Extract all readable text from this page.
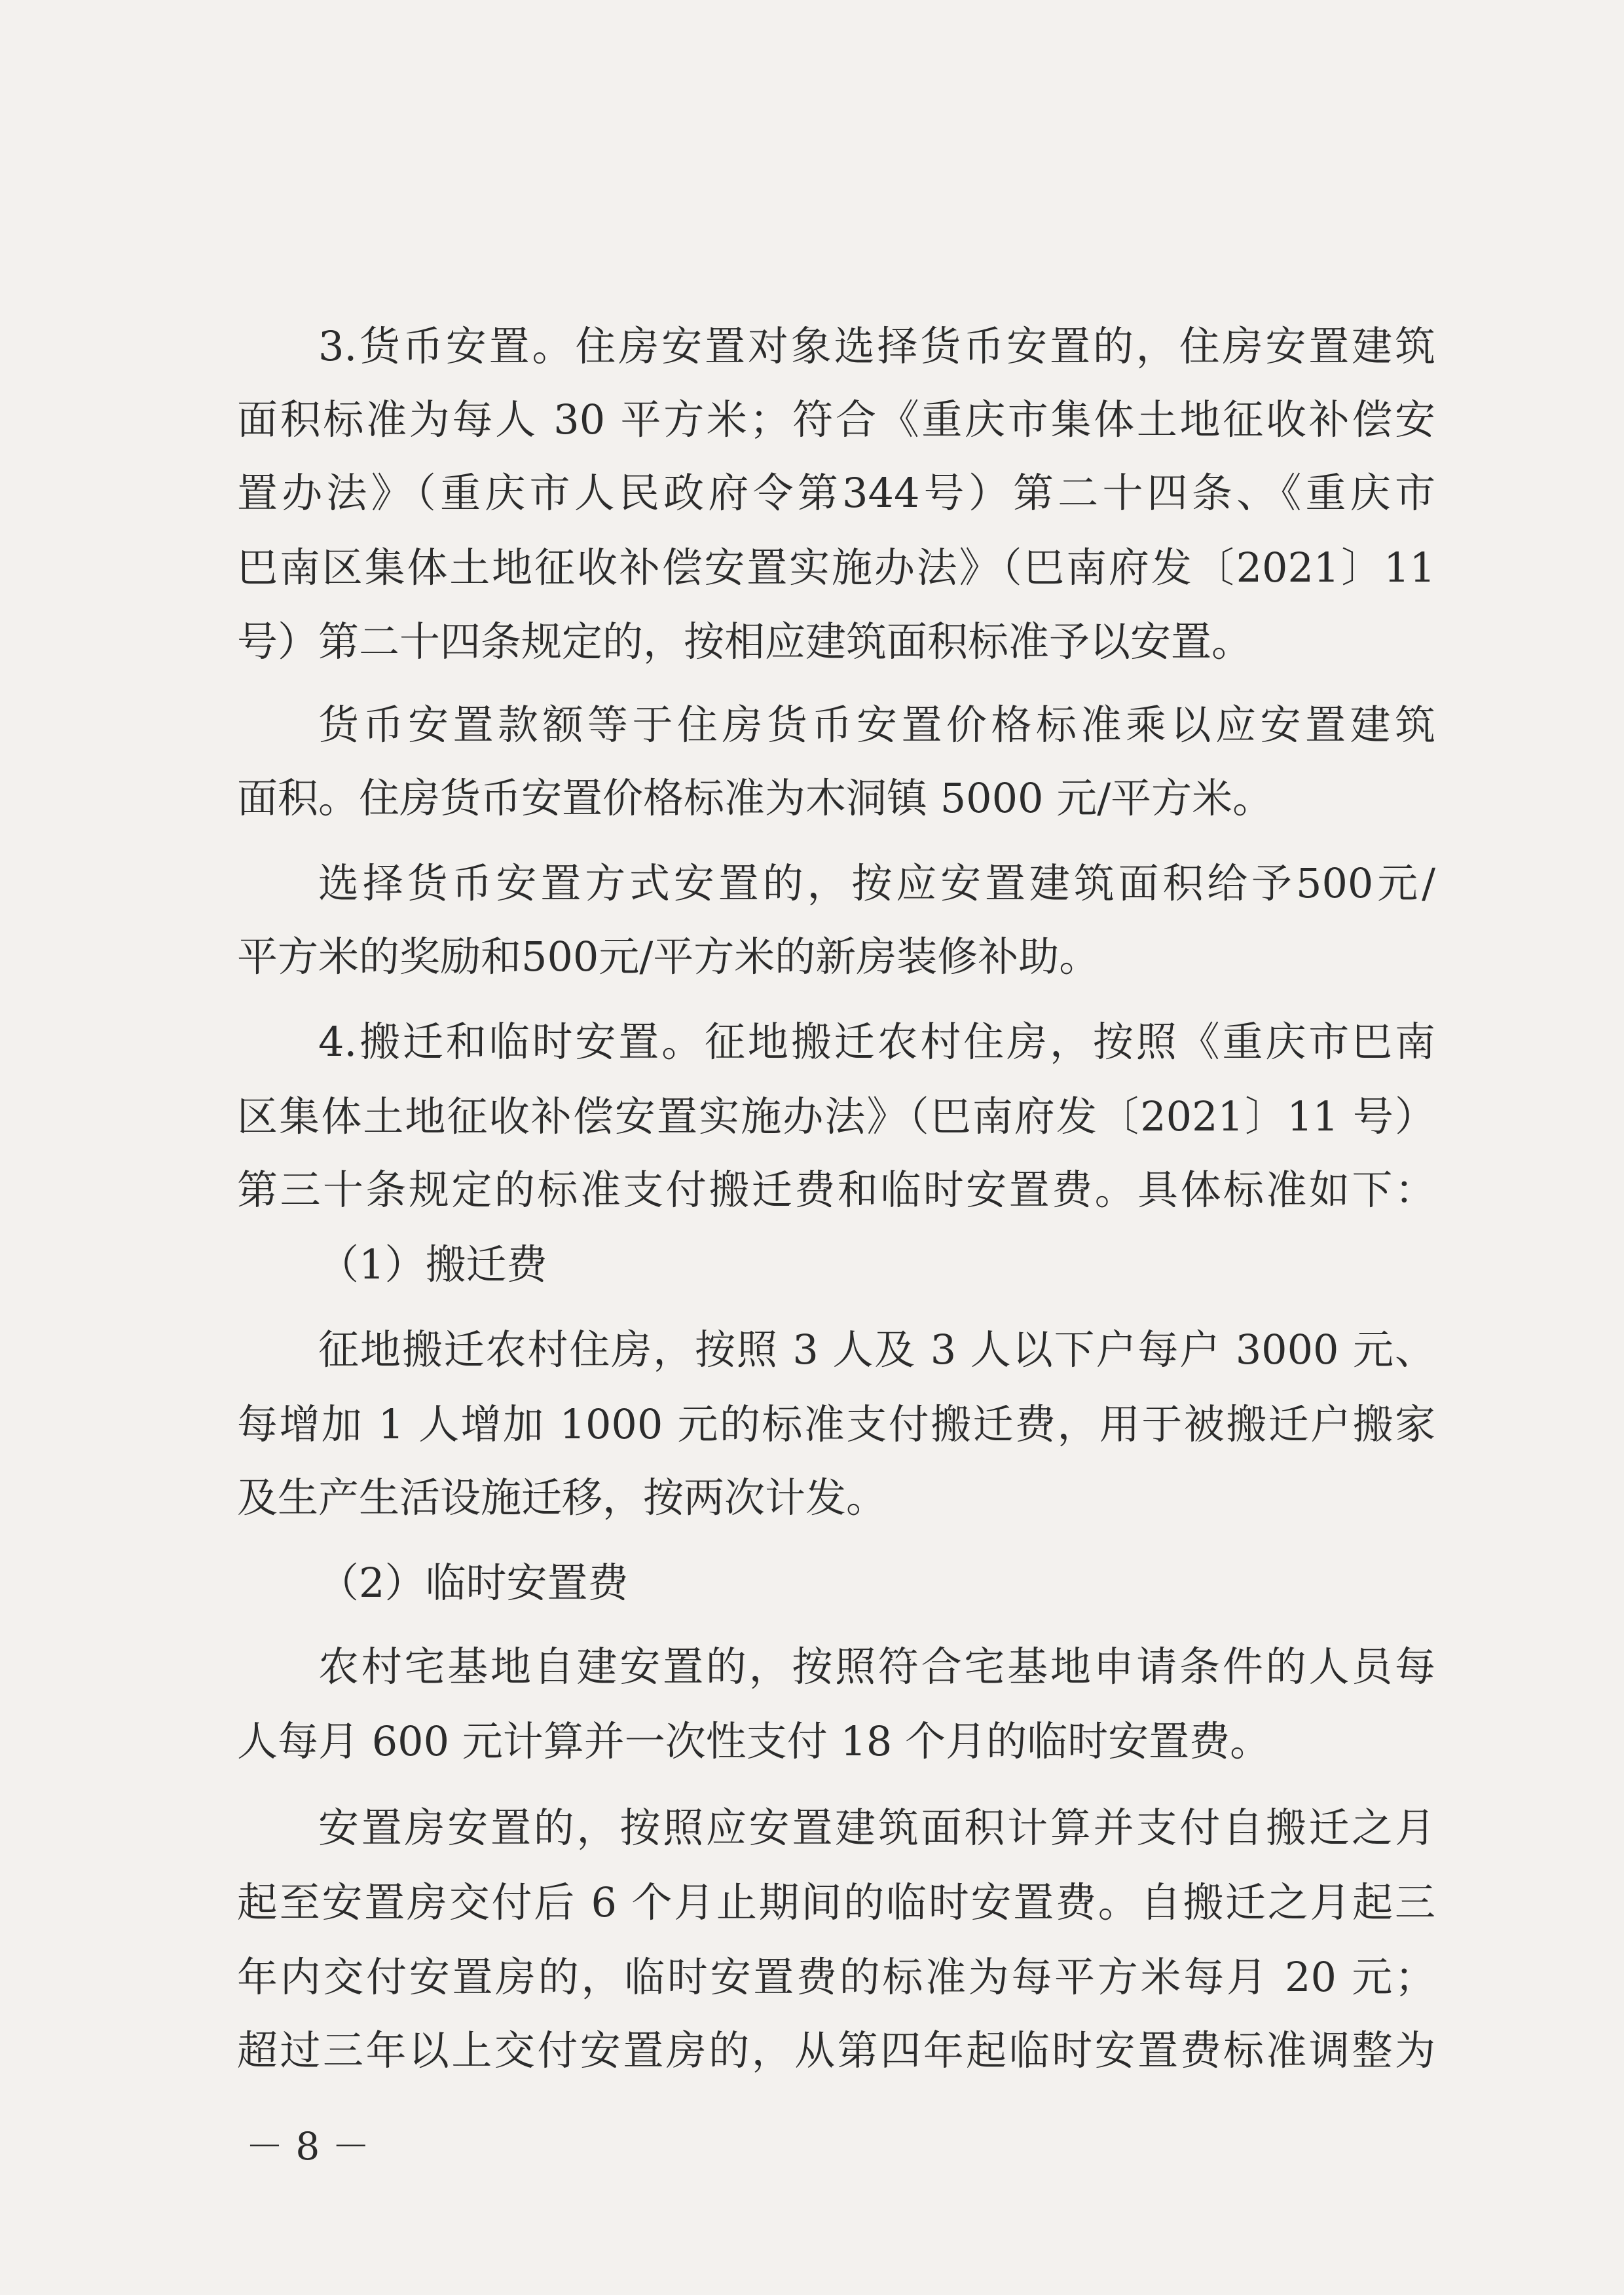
3.货币安置。住房安置对象选择货币安置的，住房安置建筑
面积标准为每人 30 平方米；符合《重庆市集体土地征收补偿安
置办法》（重庆市人民政府令第344号）第二十四条、《重庆市
巴南区集体土地征收补偿安置实施办法》（巴南府发〔2021〕11
号）第二十四条规定的，按相应建筑面积标准予以安置。
货币安置款额等于住房货币安置价格标准乘以应安置建筑
面积。住房货币安置价格标准为木洞镇 5000 元/平方米。
选择货币安置方式安置的，按应安置建筑面积给予500元/
平方米的奖励和500元/平方米的新房装修补助。
4.搬迁和临时安置。征地搬迁农村住房，按照《重庆市巴南
区集体土地征收补偿安置实施办法》（巴南府发〔2021〕11 号）
第三十条规定的标准支付搬迁费和临时安置费。具体标准如下：
（1）搬迁费
征地搬迁农村住房，按照 3 人及 3 人以下户每户 3000 元、
每增加 1 人增加 1000 元的标准支付搬迁费，用于被搬迁户搬家
及生产生活设施迁移，按两次计发。
（2）临时安置费
农村宅基地自建安置的，按照符合宅基地申请条件的人员每
人每月 600 元计算并一次性支付 18 个月的临时安置费。
安置房安置的，按照应安置建筑面积计算并支付自搬迁之月
起至安置房交付后 6 个月止期间的临时安置费。自搬迁之月起三
年内交付安置房的，临时安置费的标准为每平方米每月 20 元；
超过三年以上交付安置房的，从第四年起临时安置费标准调整为
－ 8 －
